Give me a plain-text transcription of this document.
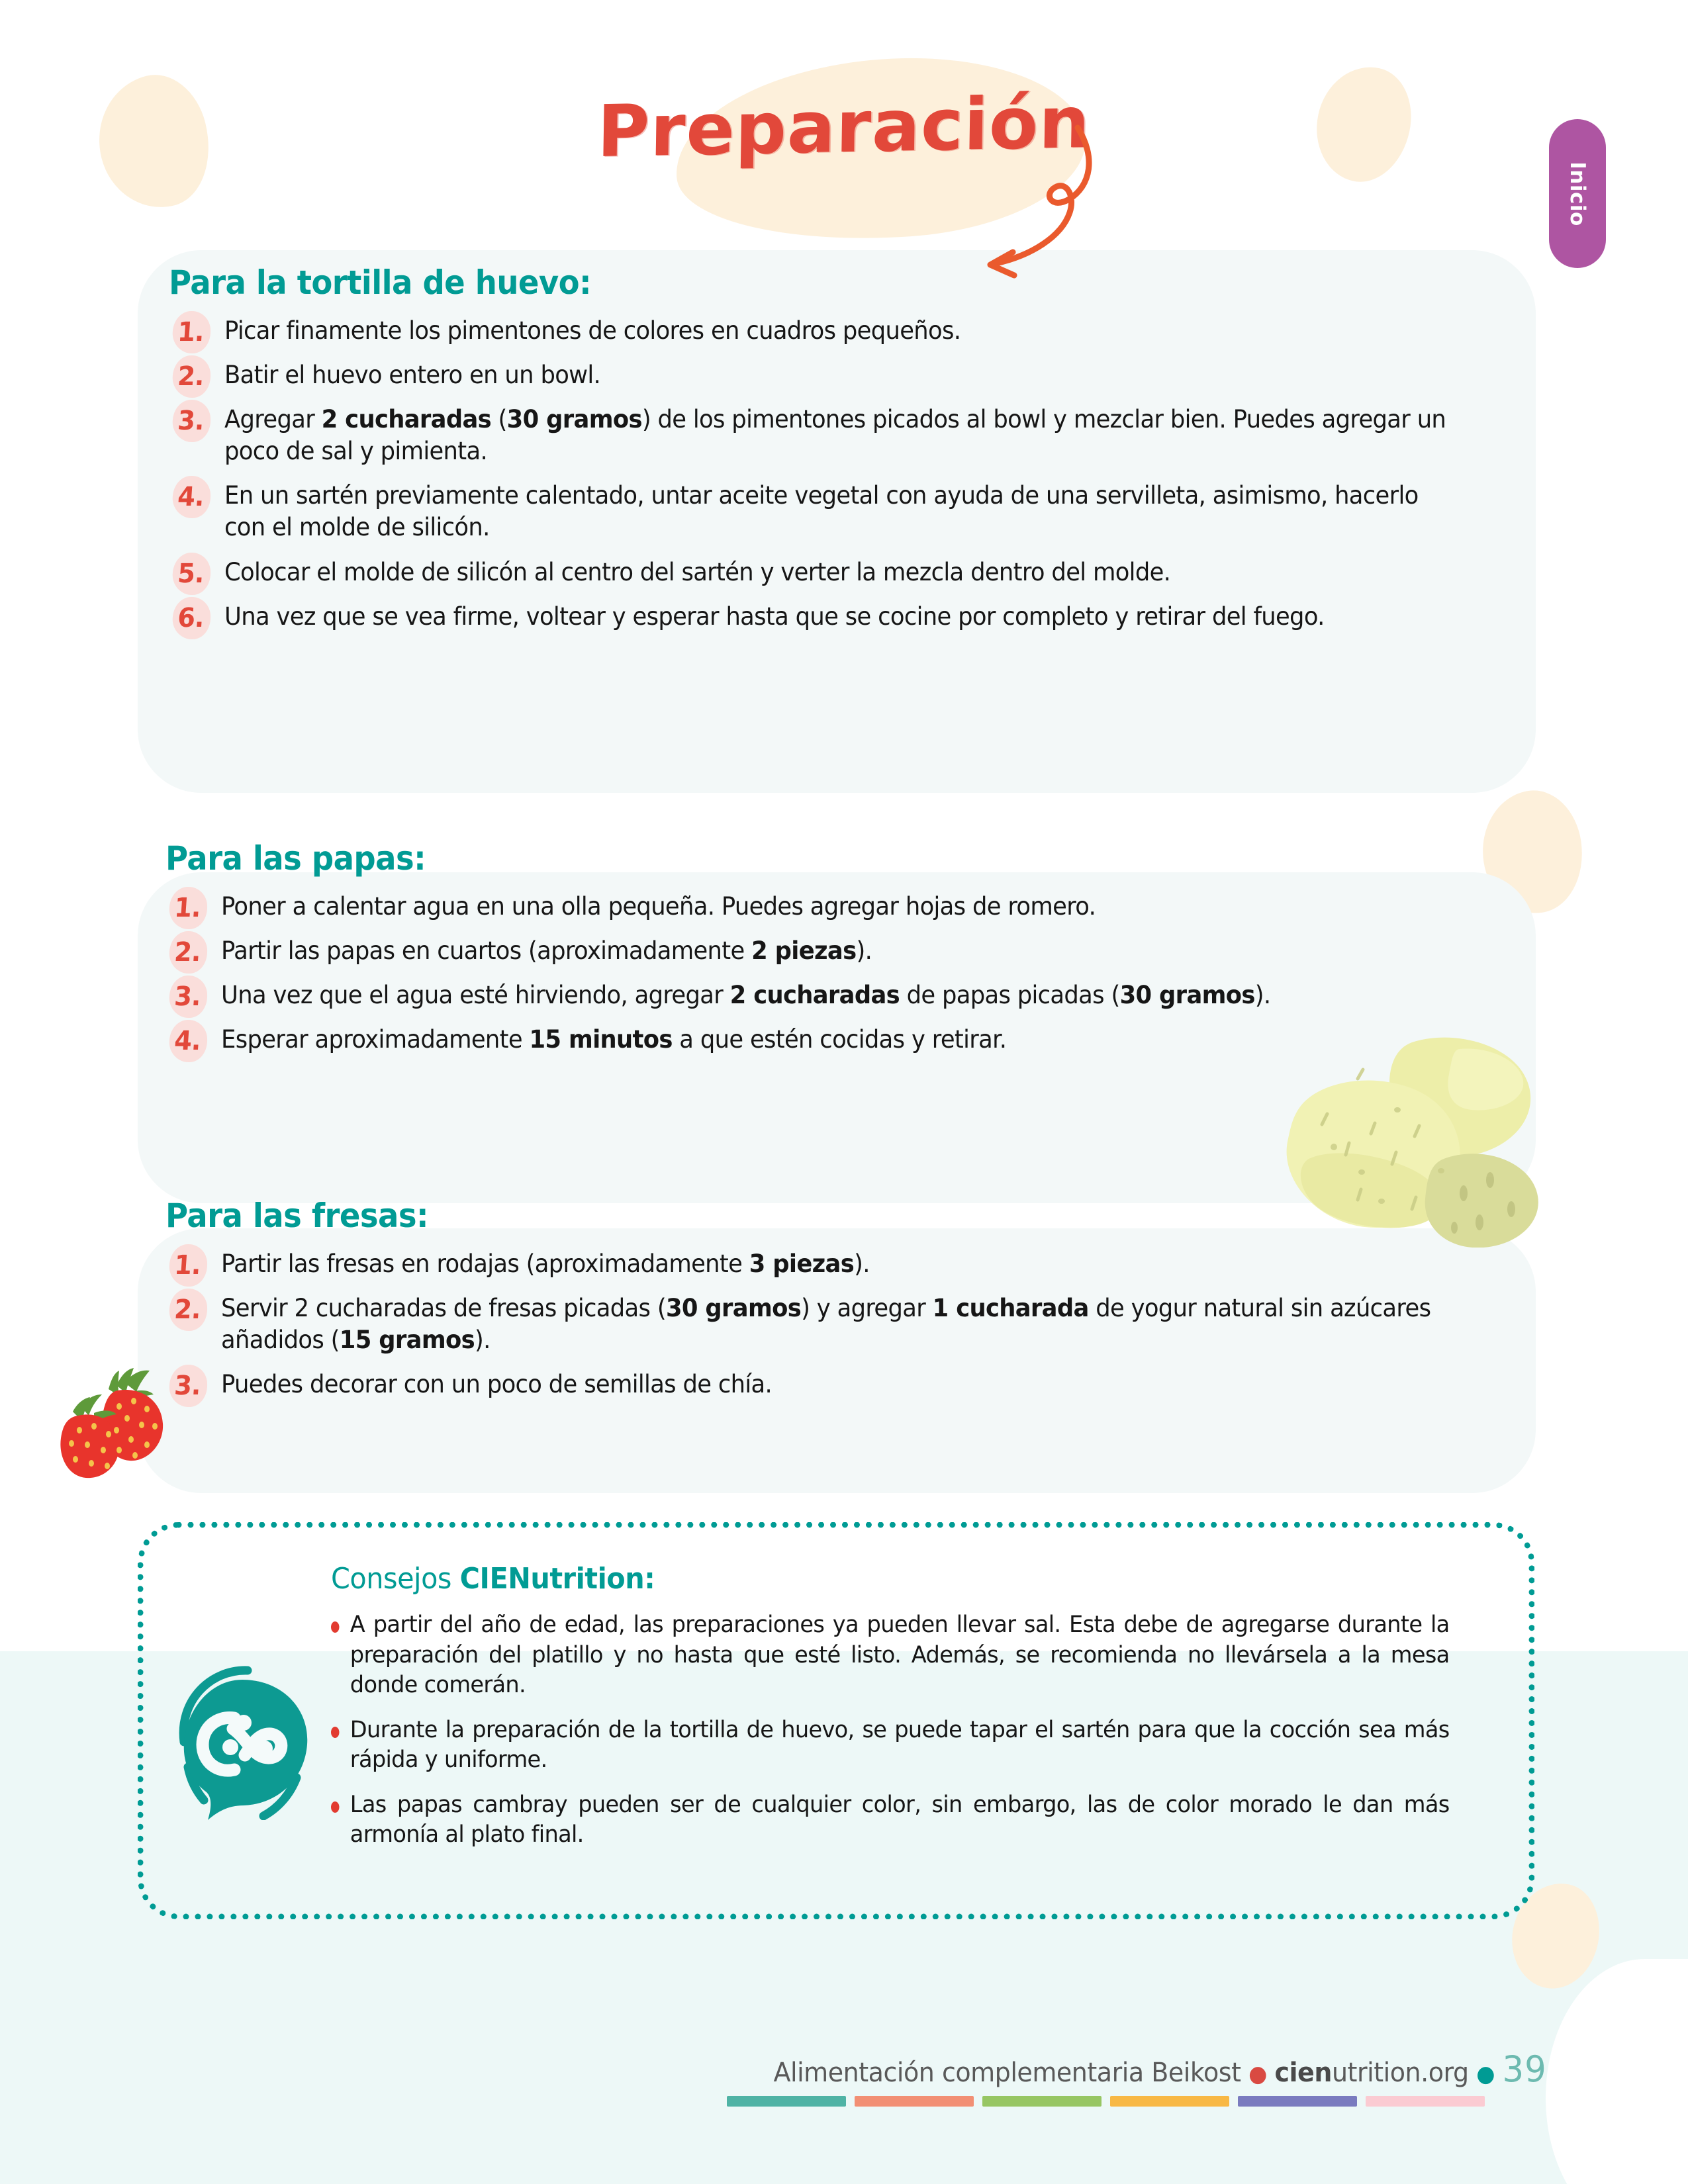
Preparación
Inicio
Para la tortilla de huevo:
1. Picar finamente los pimentones de colores en cuadros pequeños.
2. Batir el huevo entero en un bowl.
3. Agregar 2 cucharadas (30 gramos) de los pimentones picados al bowl y mezclar bien. Puedes agregar un poco de sal y pimienta.
4. En un sartén previamente calentado, untar aceite vegetal con ayuda de una servilleta, asimismo, hacerlo con el molde de silicón.
5. Colocar el molde de silicón al centro del sartén y verter la mezcla dentro del molde.
6. Una vez que se vea firme, voltear y esperar hasta que se cocine por completo y retirar del fuego.
Para las papas:
1. Poner a calentar agua en una olla pequeña. Puedes agregar hojas de romero.
2. Partir las papas en cuartos (aproximadamente 2 piezas).
3. Una vez que el agua esté hirviendo, agregar 2 cucharadas de papas picadas (30 gramos).
4. Esperar aproximadamente 15 minutos a que estén cocidas y retirar.
Para las fresas:
1. Partir las fresas en rodajas (aproximadamente 3 piezas).
2. Servir 2 cucharadas de fresas picadas (30 gramos) y agregar 1 cucharada de yogur natural sin azúcares añadidos (15 gramos).
3. Puedes decorar con un poco de semillas de chía.
Consejos CIENutrition:
A partir del año de edad, las preparaciones ya pueden llevar sal. Esta debe de agregarse durante la preparación del platillo y no hasta que esté listo. Además, se recomienda no llevársela a la mesa donde comerán.
Durante la preparación de la tortilla de huevo, se puede tapar el sartén para que la cocción sea más rápida y uniforme.
Las papas cambray pueden ser de cualquier color, sin embargo, las de color morado le dan más armonía al plato final.
Alimentación complementaria Beikost ● cienutrition.org ● 39
